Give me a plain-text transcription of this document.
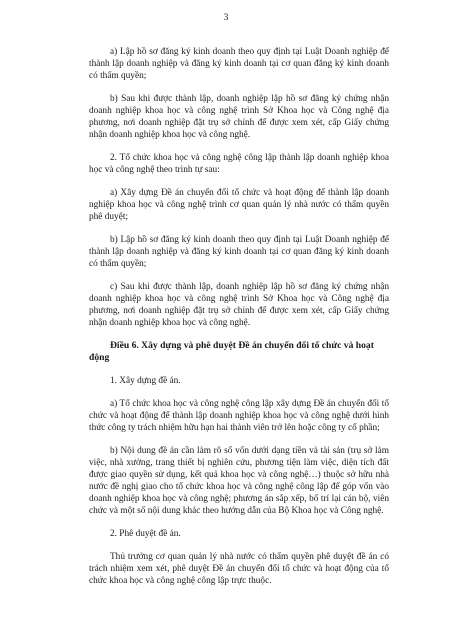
3

a) Lập hồ sơ đăng ký kinh doanh theo quy định tại Luật Doanh nghiệp để thành lập doanh nghiệp và đăng ký kinh doanh tại cơ quan đăng ký kinh doanh có thẩm quyền;

b) Sau khi được thành lập, doanh nghiệp lập hồ sơ đăng ký chứng nhận doanh nghiệp khoa học và công nghệ trình Sở Khoa học và Công nghệ địa phương, nơi doanh nghiệp đặt trụ sở chính để được xem xét, cấp Giấy chứng nhận doanh nghiệp khoa học và công nghệ.

2. Tổ chức khoa học và công nghệ công lập thành lập doanh nghiệp khoa học và công nghệ theo trình tự sau:

a) Xây dựng Đề án chuyển đổi tổ chức và hoạt động để thành lập doanh nghiệp khoa học và công nghệ trình cơ quan quản lý nhà nước có thẩm quyền phê duyệt;

b) Lập hồ sơ đăng ký kinh doanh theo quy định tại Luật Doanh nghiệp để thành lập doanh nghiệp và đăng ký kinh doanh tại cơ quan đăng ký kinh doanh có thẩm quyền;

c) Sau khi được thành lập, doanh nghiệp lập hồ sơ đăng ký chứng nhận doanh nghiệp khoa học và công nghệ trình Sở Khoa học và Công nghệ địa phương, nơi doanh nghiệp đặt trụ sở chính để được xem xét, cấp Giấy chứng nhận doanh nghiệp khoa học và công nghệ.

Điều 6. Xây dựng và phê duyệt Đề án chuyển đổi tổ chức và hoạt động

1. Xây dựng đề án.

a) Tổ chức khoa học và công nghệ công lập xây dựng Đề án chuyển đổi tổ chức và hoạt động để thành lập doanh nghiệp khoa học và công nghệ dưới hình thức công ty trách nhiệm hữu hạn hai thành viên trở lên hoặc công ty cổ phần;

b) Nội dung đề án cần làm rõ số vốn dưới dạng tiền và tài sản (trụ sở làm việc, nhà xưởng, trang thiết bị nghiên cứu, phương tiện làm việc, diện tích đất được giao quyền sử dụng, kết quả khoa học và công nghệ…) thuộc sở hữu nhà nước đề nghị giao cho tổ chức khoa học và công nghệ công lập để góp vốn vào doanh nghiệp khoa học và công nghệ; phương án sắp xếp, bố trí lại cán bộ, viên chức và một số nội dung khác theo hướng dẫn của Bộ Khoa học và Công nghệ.

2. Phê duyệt đề án.

Thủ trưởng cơ quan quản lý nhà nước có thẩm quyền phê duyệt đề án có trách nhiệm xem xét, phê duyệt Đề án chuyển đổi tổ chức và hoạt động của tổ chức khoa học và công nghệ công lập trực thuộc.
